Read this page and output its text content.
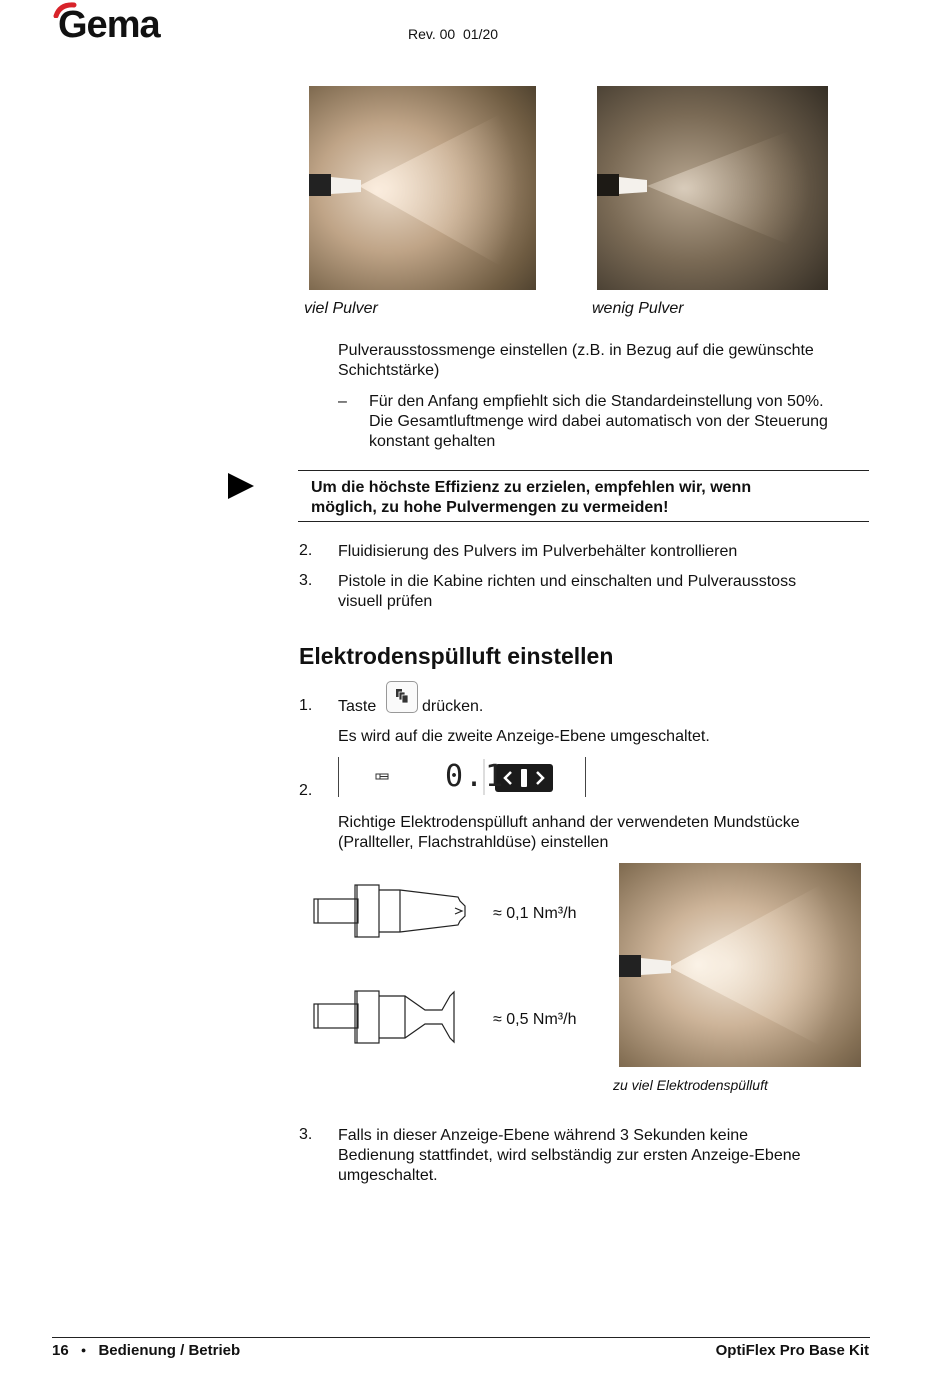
Gema	Rev. 00  01/20
viel Pulver	wenig Pulver
Pulverausstossmenge einstellen (z.B. in Bezug auf die gewünschte Schichtstärke)
– Für den Anfang empfiehlt sich die Standardeinstellung von 50%.
Die Gesamtluftmenge wird dabei automatisch von der Steuerung
konstant gehalten
Um die höchste Effizienz zu erzielen, empfehlen wir, wenn
möglich, zu hohe Pulvermengen zu vermeiden!
2. Fluidisierung des Pulvers im Pulverbehälter kontrollieren
3. Pistole in die Kabine richten und einschalten und Pulverausstoss
visuell prüfen
Elektrodenspülluft einstellen
1. Taste	drücken.
Es wird auf die zweite Anzeige-Ebene umgeschaltet.
2.	0.1
Richtige Elektrodenspülluft anhand der verwendeten Mundstücke
(Prallteller, Flachstrahldüse) einstellen
≈ 0,1 Nm³/h
≈ 0,5 Nm³/h
zu viel Elektrodenspülluft
3. Falls in dieser Anzeige-Ebene während 3 Sekunden keine
Bedienung stattfindet, wird selbständig zur ersten Anzeige-Ebene
umgeschaltet.
16 ● Bedienung / Betrieb	OptiFlex Pro Base Kit
